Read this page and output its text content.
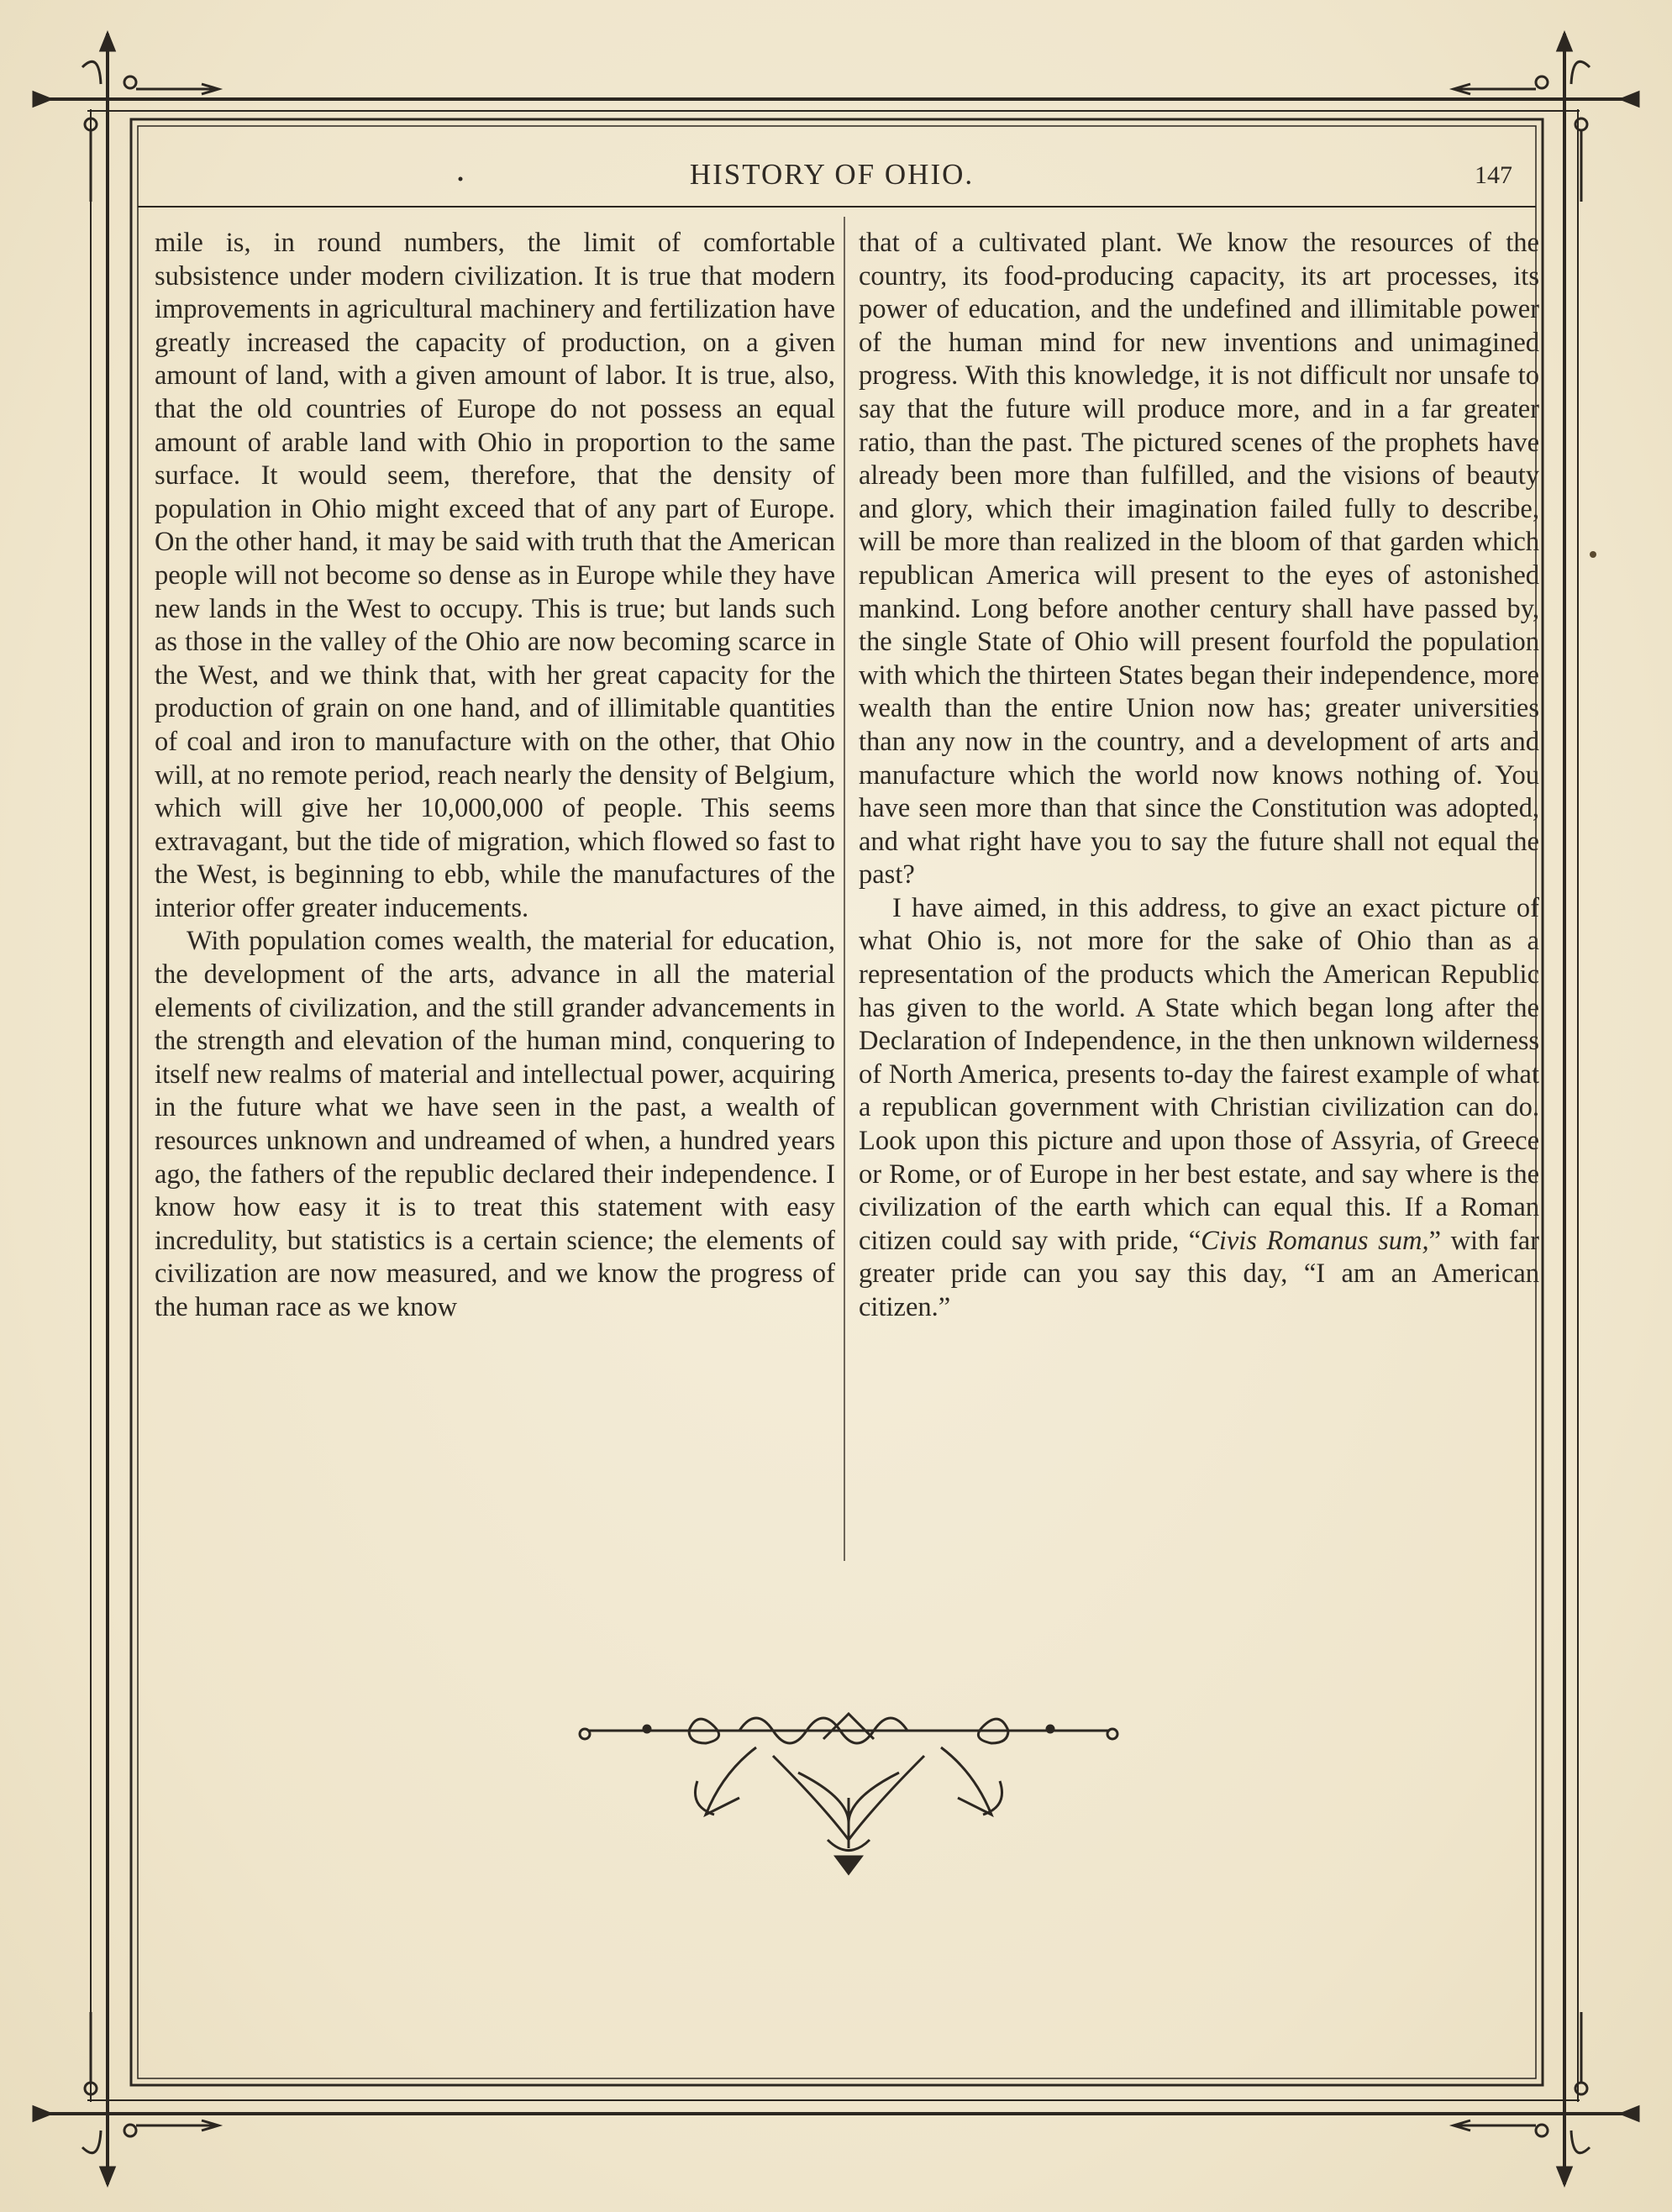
HISTORY OF OHIO.	147

mile is, in round numbers, the limit of comfortable subsistence under modern civilization. It is true that modern improvements in agricultural machinery and fertilization have greatly increased the capacity of production, on a given amount of land, with a given amount of labor. It is true, also, that the old countries of Europe do not possess an equal amount of arable land with Ohio in proportion to the same surface. It would seem, therefore, that the density of population in Ohio might exceed that of any part of Europe. On the other hand, it may be said with truth that the American people will not become so dense as in Europe while they have new lands in the West to occupy. This is true; but lands such as those in the valley of the Ohio are now becoming scarce in the West, and we think that, with her great capacity for the production of grain on one hand, and of illimitable quantities of coal and iron to manufacture with on the other, that Ohio will, at no remote period, reach nearly the density of Belgium, which will give her 10,000,000 of people. This seems extravagant, but the tide of migration, which flowed so fast to the West, is beginning to ebb, while the manufactures of the interior offer greater inducements.

With population comes wealth, the material for education, the development of the arts, advance in all the material elements of civilization, and the still grander advancements in the strength and elevation of the human mind, conquering to itself new realms of material and intellectual power, acquiring in the future what we have seen in the past, a wealth of resources unknown and undreamed of when, a hundred years ago, the fathers of the republic declared their independence. I know how easy it is to treat this statement with easy incredulity, but statistics is a certain science; the elements of civilization are now measured, and we know the progress of the human race as we know

that of a cultivated plant. We know the resources of the country, its food-producing capacity, its art processes, its power of education, and the undefined and illimitable power of the human mind for new inventions and unimagined progress. With this knowledge, it is not difficult nor unsafe to say that the future will produce more, and in a far greater ratio, than the past. The pictured scenes of the prophets have already been more than fulfilled, and the visions of beauty and glory, which their imagination failed fully to describe, will be more than realized in the bloom of that garden which republican America will present to the eyes of astonished mankind. Long before another century shall have passed by, the single State of Ohio will present fourfold the population with which the thirteen States began their independence, more wealth than the entire Union now has; greater universities than any now in the country, and a development of arts and manufacture which the world now knows nothing of. You have seen more than that since the Constitution was adopted, and what right have you to say the future shall not equal the past?

I have aimed, in this address, to give an exact picture of what Ohio is, not more for the sake of Ohio than as a representation of the products which the American Republic has given to the world. A State which began long after the Declaration of Independence, in the then unknown wilderness of North America, presents to-day the fairest example of what a republican government with Christian civilization can do. Look upon this picture and upon those of Assyria, of Greece or Rome, or of Europe in her best estate, and say where is the civilization of the earth which can equal this. If a Roman citizen could say with pride, “Civis Romanus sum,” with far greater pride can you say this day, “I am an American citizen.”
